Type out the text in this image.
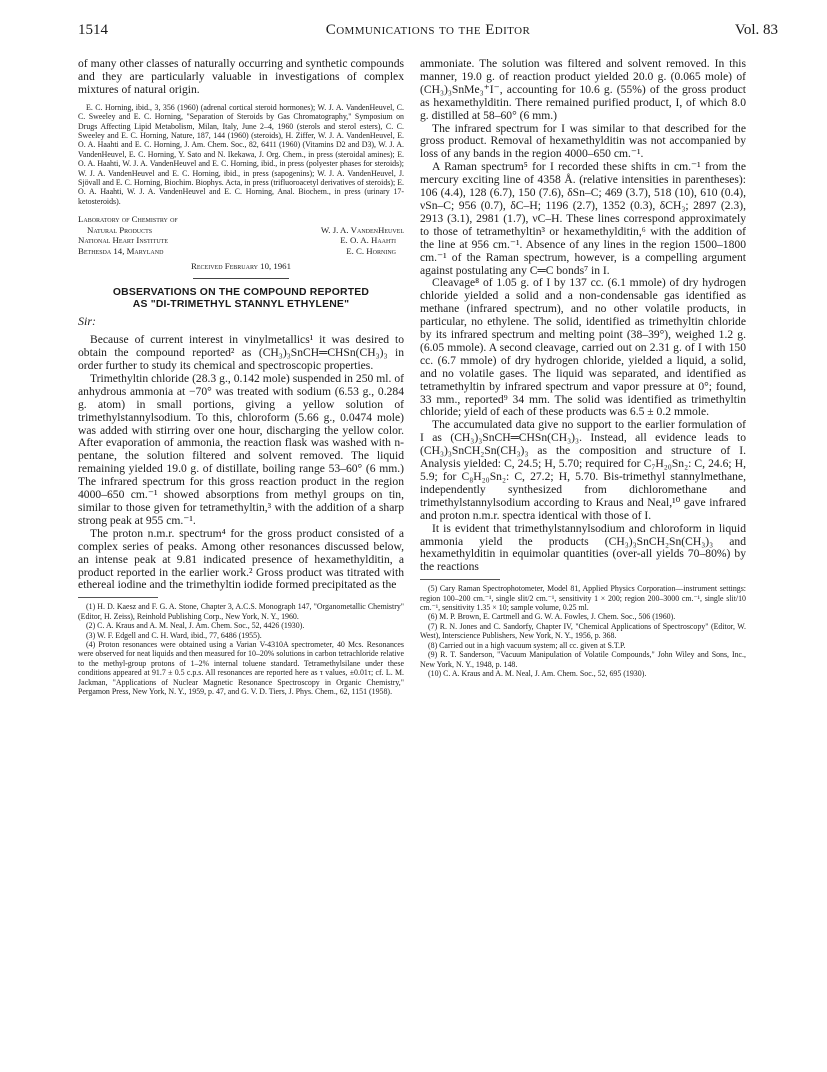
1514	Communications to the Editor	Vol. 83

of many other classes of naturally occurring and synthetic compounds and they are particularly valuable in investigations of complex mixtures of natural origin.

E. C. Horning, ibid., 3, 356 (1960) (adrenal cortical steroid hormones); W. J. A. VandenHeuvel, C. C. Sweeley and E. C. Horning, "Separation of Steroids by Gas Chromatography," Symposium on Drugs Affecting Lipid Metabolism, Milan, Italy, June 2–4, 1960 (sterols and sterol esters), C. C. Sweeley and E. C. Horning, Nature, 187, 144 (1960) (steroids), H. Ziffer, W. J. A. VandenHeuvel, E. O. A. Haahti and E. C. Horning, J. Am. Chem. Soc., 82, 6411 (1960) (Vitamins D2 and D3), W. J. A. VandenHeuvel, E. C. Horning, Y. Sato and N. Ikekawa, J. Org. Chem., in press (steroidal amines); E. O. A. Haahti, W. J. A. VandenHeuvel and E. C. Horning, ibid., in press (polyester phases for steroids); W. J. A. VandenHeuvel and E. C. Horning, ibid., in press (sapogenins); W. J. A. VandenHeuvel, J. Sjövall and E. C. Horning, Biochim. Biophys. Acta, in press (trifluoroacetyl derivatives of steroids); E. O. A. Haahti, W. J. A. VandenHeuvel and E. C. Horning, Anal. Biochem., in press (urinary 17-ketosteroids).

Laboratory of Chemistry of
Natural Products
National Heart Institute
Bethesda 14, Maryland
W. J. A. VandenHeuvel
E. O. A. Haahti
E. C. Horning

Received February 10, 1961

OBSERVATIONS ON THE COMPOUND REPORTED

AS "DI-TRIMETHYL STANNYL ETHYLENE"

Sir:

Because of current interest in vinylmetallics¹ it was desired to obtain the compound reported² as (CH₃)₃SnCH═CHSn(CH₃)₃ in order further to study its chemical and spectroscopic properties.

Trimethyltin chloride (28.3 g., 0.142 mole) suspended in 250 ml. of anhydrous ammonia at −70° was treated with sodium (6.53 g., 0.284 g. atom) in small portions, giving a yellow solution of trimethylstannylsodium. To this, chloroform (5.66 g., 0.0474 mole) was added with stirring over one hour, discharging the yellow color. After evaporation of ammonia, the reaction flask was washed with n-pentane, the solution filtered and solvent removed. The liquid remaining yielded 19.0 g. of distillate, boiling range 53–60° (6 mm.) The infrared spectrum for this gross reaction product in the region 4000–650 cm.⁻¹ showed absorptions from methyl groups on tin, similar to those given for tetramethyltin,³ with the addition of a sharp strong peak at 955 cm.⁻¹.

The proton n.m.r. spectrum⁴ for the gross product consisted of a complex series of peaks. Among other resonances discussed below, an intense peak at 9.81 indicated presence of hexamethylditin, a product reported in the earlier work.² Gross product was titrated with ethereal iodine and the trimethyltin iodide formed precipitated as the

(1) H. D. Kaesz and F. G. A. Stone, Chapter 3, A.C.S. Monograph 147, "Organometallic Chemistry" (Editor, H. Zeiss), Reinhold Publishing Corp., New York, N. Y., 1960.

(2) C. A. Kraus and A. M. Neal, J. Am. Chem. Soc., 52, 4426 (1930).

(3) W. F. Edgell and C. H. Ward, ibid., 77, 6486 (1955).

(4) Proton resonances were obtained using a Varian V-4310A spectrometer, 40 Mcs. Resonances were observed for neat liquids and then measured for 10–20% solutions in carbon tetrachloride relative to the methyl-group protons of 1–2% internal toluene standard. Tetramethylsilane under these conditions appeared at 91.7 ± 0.5 c.p.s. All resonances are reported here as τ values, ±0.01τ; cf. L. M. Jackman, "Applications of Nuclear Magnetic Resonance Spectroscopy in Organic Chemistry," Pergamon Press, New York, N. Y., 1959, p. 47, and G. V. D. Tiers, J. Phys. Chem., 62, 1151 (1958).

ammoniate. The solution was filtered and solvent removed. In this manner, 19.0 g. of reaction product yielded 20.0 g. (0.065 mole) of (CH₃)₃SnMe₃⁺I⁻, accounting for 10.6 g. (55%) of the gross product as hexamethylditin. There remained purified product, I, of which 8.0 g. distilled at 58–60° (6 mm.)

The infrared spectrum for I was similar to that described for the gross product. Removal of hexamethylditin was not accompanied by loss of any bands in the region 4000–650 cm.⁻¹.

A Raman spectrum⁵ for I recorded these shifts in cm.⁻¹ from the mercury exciting line of 4358 Å. (relative intensities in parentheses): 106 (4.4), 128 (6.7), 150 (7.6), δSn–C; 469 (3.7), 518 (10), 610 (0.4), νSn–C; 956 (0.7), δC–H; 1196 (2.7), 1352 (0.3), δCH₃; 2897 (2.3), 2913 (3.1), 2981 (1.7), νC–H. These lines correspond approximately to those of tetramethyltin³ or hexamethylditin,⁶ with the addition of the line at 956 cm.⁻¹. Absence of any lines in the region 1500–1800 cm.⁻¹ of the Raman spectrum, however, is a compelling argument against postulating any C═C bonds⁷ in I.

Cleavage⁸ of 1.05 g. of I by 137 cc. (6.1 mmole) of dry hydrogen chloride yielded a solid and a non-condensable gas identified as methane (infrared spectrum), and no other volatile products, in particular, no ethylene. The solid, identified as trimethyltin chloride by its infrared spectrum and melting point (38–39°), weighed 1.2 g. (6.05 mmole). A second cleavage, carried out on 2.31 g. of I with 150 cc. (6.7 mmole) of dry hydrogen chloride, yielded a liquid, a solid, and no volatile gases. The liquid was separated, and identified as tetramethyltin by infrared spectrum and vapor pressure at 0°; found, 33 mm., reported⁹ 34 mm. The solid was identified as trimethyltin chloride; yield of each of these products was 6.5 ± 0.2 mmole.

The accumulated data give no support to the earlier formulation of I as (CH₃)₃SnCH═CHSn(CH₃)₃. Instead, all evidence leads to (CH₃)₃SnCH₂Sn(CH₃)₃ as the composition and structure of I. Analysis yielded: C, 24.5; H, 5.70; required for C₇H₂₀Sn₂: C, 24.6; H, 5.9; for C₈H₂₀Sn₂: C, 27.2; H, 5.70. Bis-trimethyl stannylmethane, independently synthesized from dichloromethane and trimethylstannylsodium according to Kraus and Neal,¹⁰ gave infrared and proton n.m.r. spectra identical with those of I.

It is evident that trimethylstannylsodium and chloroform in liquid ammonia yield the products (CH₃)₃SnCH₂Sn(CH₃)₃ and hexamethylditin in equimolar quantities (over-all yields 70–80%) by the reactions

(5) Cary Raman Spectrophotometer, Model 81, Applied Physics Corporation—instrument settings: region 100–200 cm.⁻¹, single slit/2 cm.⁻¹, sensitivity 1 × 200; region 200–3000 cm.⁻¹, single slit/10 cm.⁻¹, sensitivity 1.35 × 10; sample volume, 0.25 ml.

(6) M. P. Brown, E. Cartmell and G. W. A. Fowles, J. Chem. Soc., 506 (1960).

(7) R. N. Jones and C. Sandorfy, Chapter IV, "Chemical Applications of Spectroscopy" (Editor, W. West), Interscience Publishers, New York, N. Y., 1956, p. 368.

(8) Carried out in a high vacuum system; all cc. given at S.T.P.

(9) R. T. Sanderson, "Vacuum Manipulation of Volatile Compounds," John Wiley and Sons, Inc., New York, N. Y., 1948, p. 148.

(10) C. A. Kraus and A. M. Neal, J. Am. Chem. Soc., 52, 695 (1930).
